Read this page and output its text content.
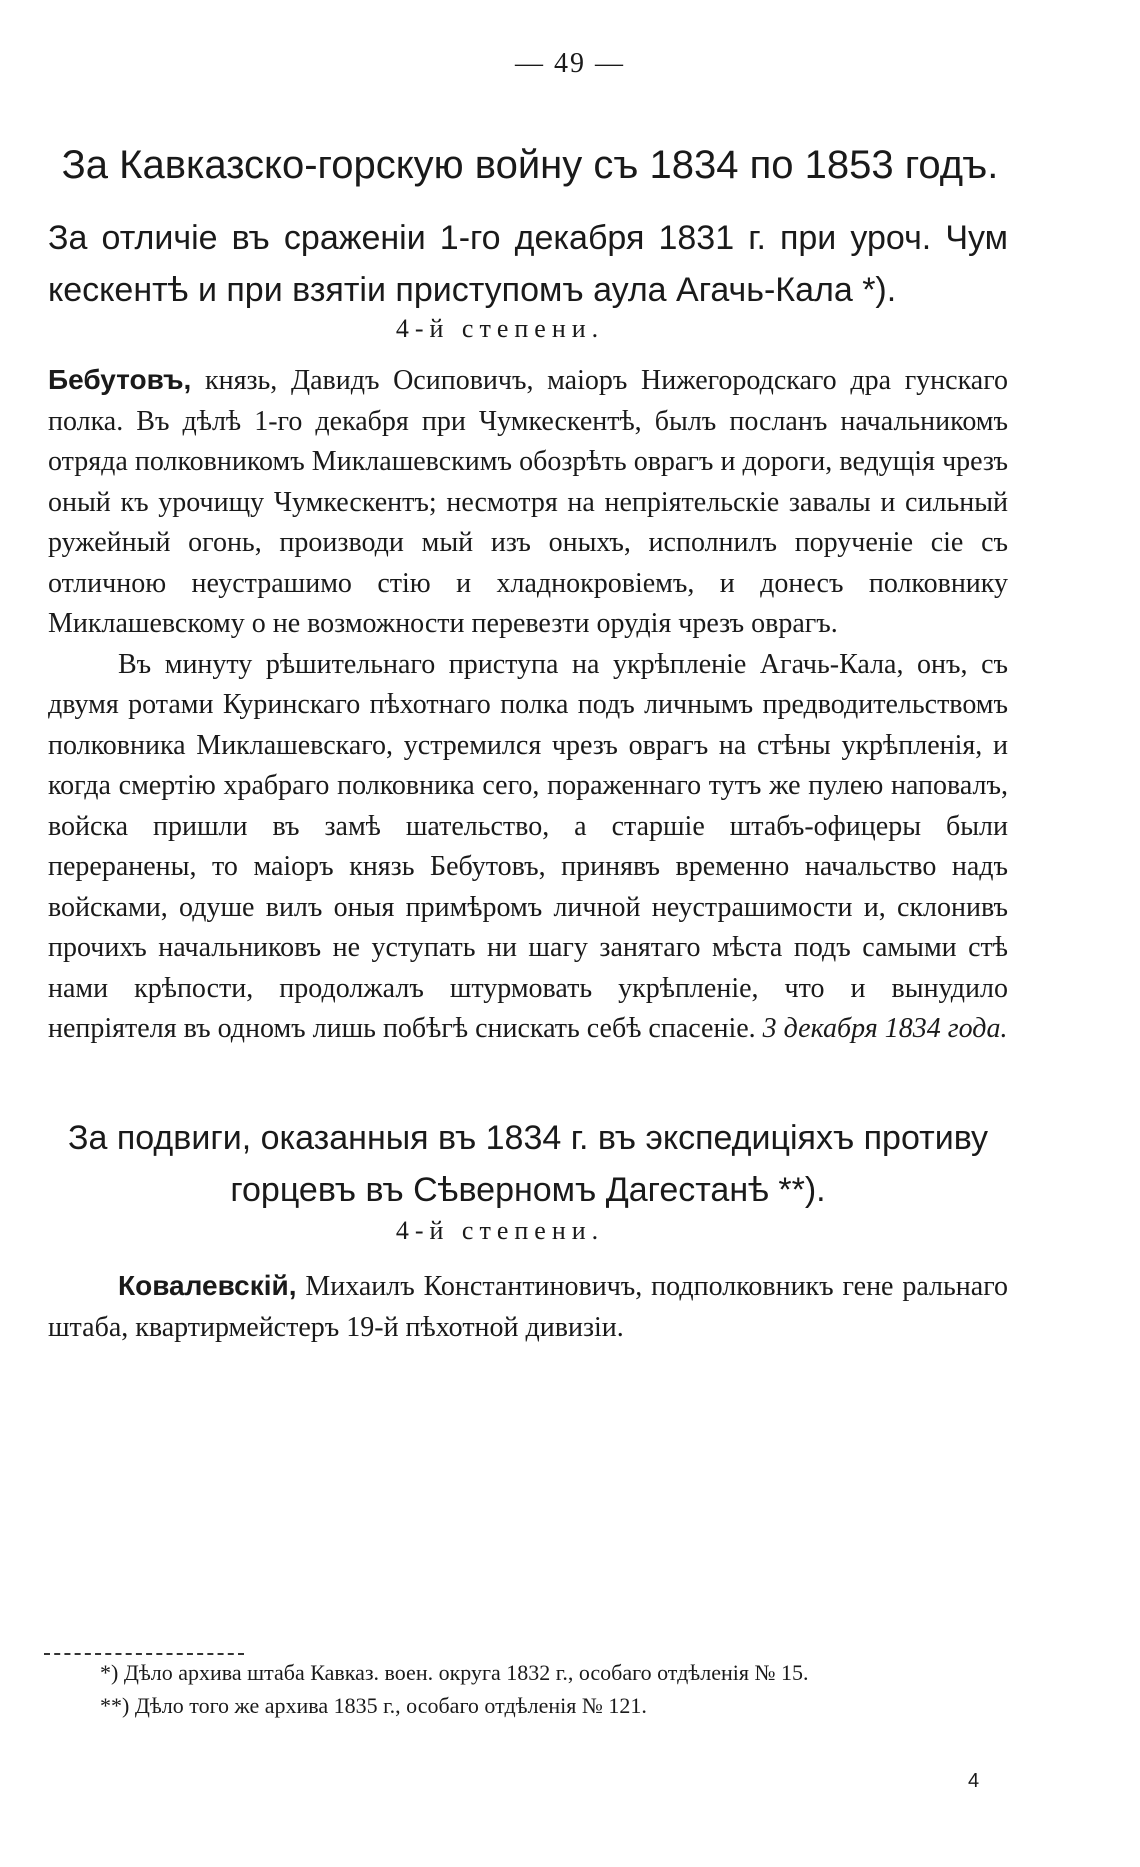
— 49 —
За Кавказско-горскую войну съ 1834 по 1853 годъ.
За отличіе въ сраженіи 1-го декабря 1831 г. при уроч. Чум кескентѣ и при взятіи приступомъ аула Агачь-Кала *).
4-й степени.

Бебутовъ, князь, Давидъ Осиповичъ, маіоръ Нижегородскаго дра гунскаго полка. Въ дѣлѣ 1-го декабря при Чумкескентѣ, былъ посланъ начальникомъ отряда полковникомъ Миклашевскимъ обозрѣть оврагъ и дороги, ведущія чрезъ оный къ урочищу Чумкескентъ; несмотря на непріятельскіе завалы и сильный ружейный огонь, производи мый изъ оныхъ, исполнилъ порученіе сіе съ отличною неустрашимо стію и хладнокровіемъ, и донесъ полковнику Миклашевскому о не возможности перевезти орудія чрезъ оврагъ.

Въ минуту рѣшительнаго приступа на укрѣпленіе Агачь-Кала, онъ, съ двумя ротами Куринскаго пѣхотнаго полка подъ личнымъ предводительствомъ полковника Миклашевскаго, устремился чрезъ оврагъ на стѣны укрѣпленія, и когда смертію храбраго полковника сего, пораженнаго тутъ же пулею наповалъ, войска пришли въ замѣ шательство, а старшіе штабъ-офицеры были переранены, то маіоръ князь Бебутовъ, принявъ временно начальство надъ войсками, одуше вилъ оныя примѣромъ личной неустрашимости и, склонивъ прочихъ начальниковъ не уступать ни шагу занятаго мѣста подъ самыми стѣ нами крѣпости, продолжалъ штурмовать укрѣпленіе, что и вынудило непріятеля въ одномъ лишь побѣгѣ снискать себѣ спасеніе. 3 декабря 1834 года.

За подвиги, оказанныя въ 1834 г. въ экспедиціяхъ противу горцевъ въ Сѣверномъ Дагестанѣ **).
4-й степени.

Ковалевскій, Михаилъ Константиновичъ, подполковникъ гене ральнаго штаба, квартирмейстеръ 19-й пѣхотной дивизіи.

*) Дѣло архива штаба Кавказ. воен. округа 1832 г., особаго отдѣленія № 15.
**) Дѣло того же архива 1835 г., особаго отдѣленія № 121.
4
